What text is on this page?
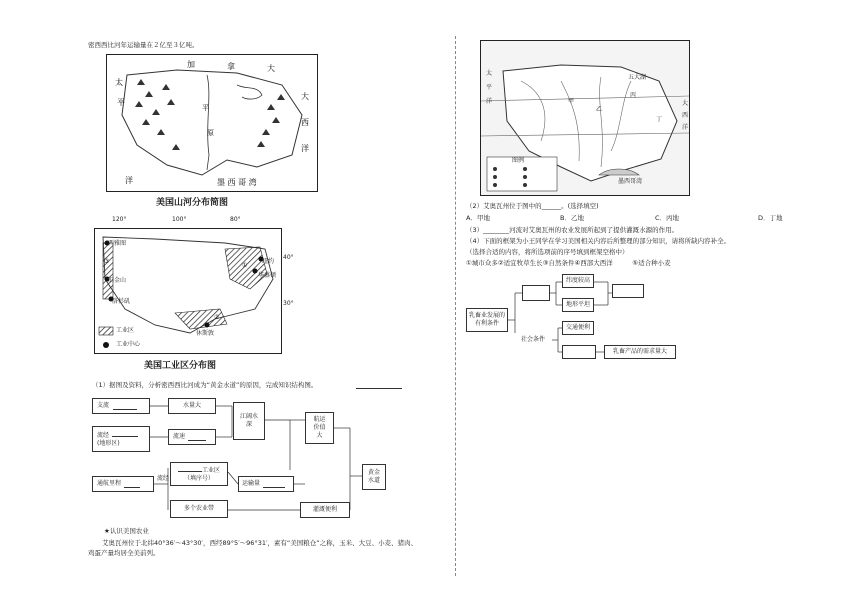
密西西比河年运输量在２亿至３亿吨。
太
平
加	拿	大
大
西
洋
洋	墨 西 哥 湾
平
原
美国山河分布简图
120°	100°	80°
40°
30°
西雅图
旧金山
洛杉矶
纽约
华盛顿
休斯敦
①
②
③
工业区
工业中心
美国工业区分布图
（1）据图及资料，分析密西西比河成为“黄金水道”的原因，完成知识结构图。
支流	水量大
流经
(地形区)
流速
江阔水深
航运价值大
通航里程
流经
工业区
（填序号）
多个农业带
运输量
灌溉便利
黄金水道
★认识美国农业
艾奥瓦州位于北纬40°36′～43°30′，西经89°5′～96°31′，素有“美国粮仓”之称，玉米、大豆、小麦、猪肉、鸡蛋产量均居全美前列。
太
平
洋	大
西
洋
甲
乙
丙
丁
墨西哥湾
五大湖
图例
（2）艾奥瓦州位于图中的______。(选择填空)
A．甲地	B．乙地	C．丙地	D．丁地
（3）________河流对艾奥瓦州的农业发展所起到了提供灌溉水源的作用。
（4）下面的框架为小王同学在学习美国相关内容后所整理的部分知识，请将所缺内容补全。
（选择合适的内容，将所选项前的序号填到框架空格中）
①城市众多②适宜牧草生长③自然条件④西部大西洋　　　⑤适合种小麦
乳畜业发展的有利条件
纬度较高
地形平坦
社会条件
交通便利
乳畜产品的需求量大
